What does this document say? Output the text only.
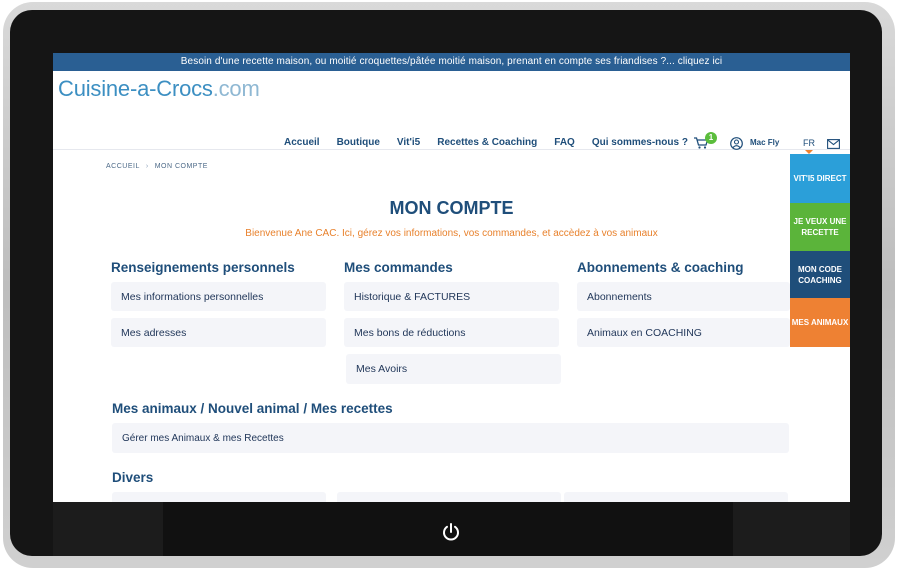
Besoin d'une recette maison, ou moitié croquettes/pâtée moitié maison, prenant en compte ses friandises ?... cliquez ici
Cuisine-a-Crocs.com
Accueil Boutique Vit'i5 Recettes & Coaching FAQ Qui sommes-nous ?	1
Mac Fly	FR
ACCUEIL › MON COMPTE
MON COMPTE
Bienvenue Ane CAC. Ici, gérez vos informations, vos commandes, et accèdez à vos animaux
Renseignements personnels
Mes informations personnelles
Mes adresses
Mes commandes
Historique & FACTURES
Mes bons de réductions
Mes Avoirs
Abonnements & coaching
Abonnements
Animaux en COACHING
Mes animaux / Nouvel animal / Mes recettes
Gérer mes Animaux & mes Recettes
Divers
VIT'I5 DIRECT
JE VEUX UNE RECETTE
MON CODE COACHING
MES ANIMAUX
